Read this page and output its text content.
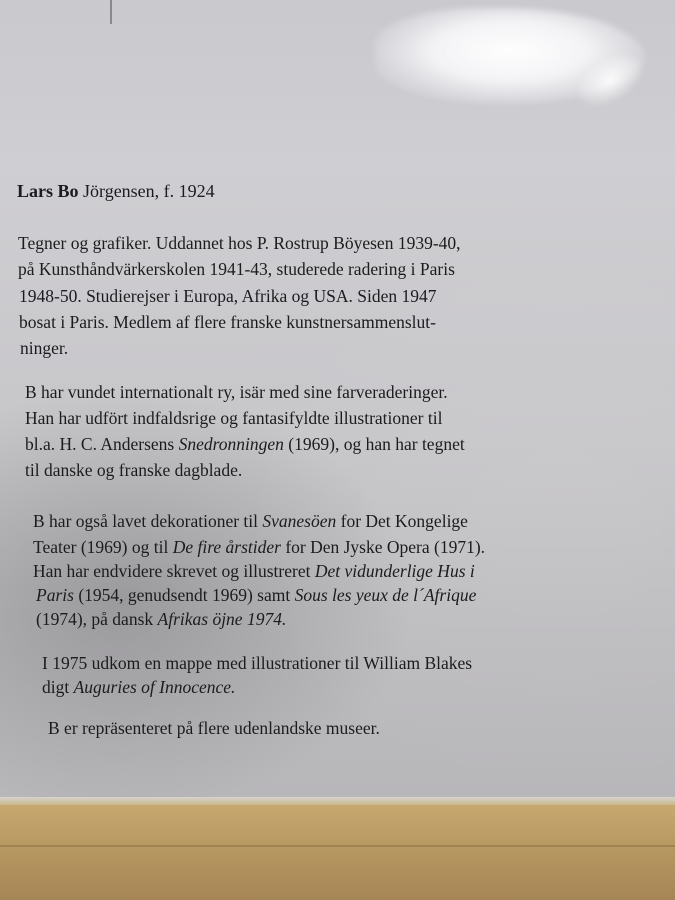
Lars Bo Jörgensen, f. 1924
Tegner og grafiker. Uddannet hos P. Rostrup Böyesen 1939-40,
på Kunsthåndvärkerskolen 1941-43, studerede radering i Paris
1948-50. Studierejser i Europa, Afrika og USA. Siden 1947
bosat i Paris. Medlem af flere franske kunstnersammenslut-
ninger.
B har vundet internationalt ry, isär med sine farveraderinger.
Han har udfört indfaldsrige og fantasifyldte illustrationer til
bl.a. H. C. Andersens Snedronningen (1969), og han har tegnet
til danske og franske dagblade.
B har også lavet dekorationer til Svanesöen for Det Kongelige
Teater (1969) og til De fire årstider for Den Jyske Opera (1971).
Han har endvidere skrevet og illustreret Det vidunderlige Hus i
Paris (1954, genudsendt 1969) samt Sous les yeux de l´Afrique
(1974), på dansk Afrikas öjne 1974.
I 1975 udkom en mappe med illustrationer til William Blakes
digt Auguries of Innocence.
B er repräsenteret på flere udenlandske museer.
